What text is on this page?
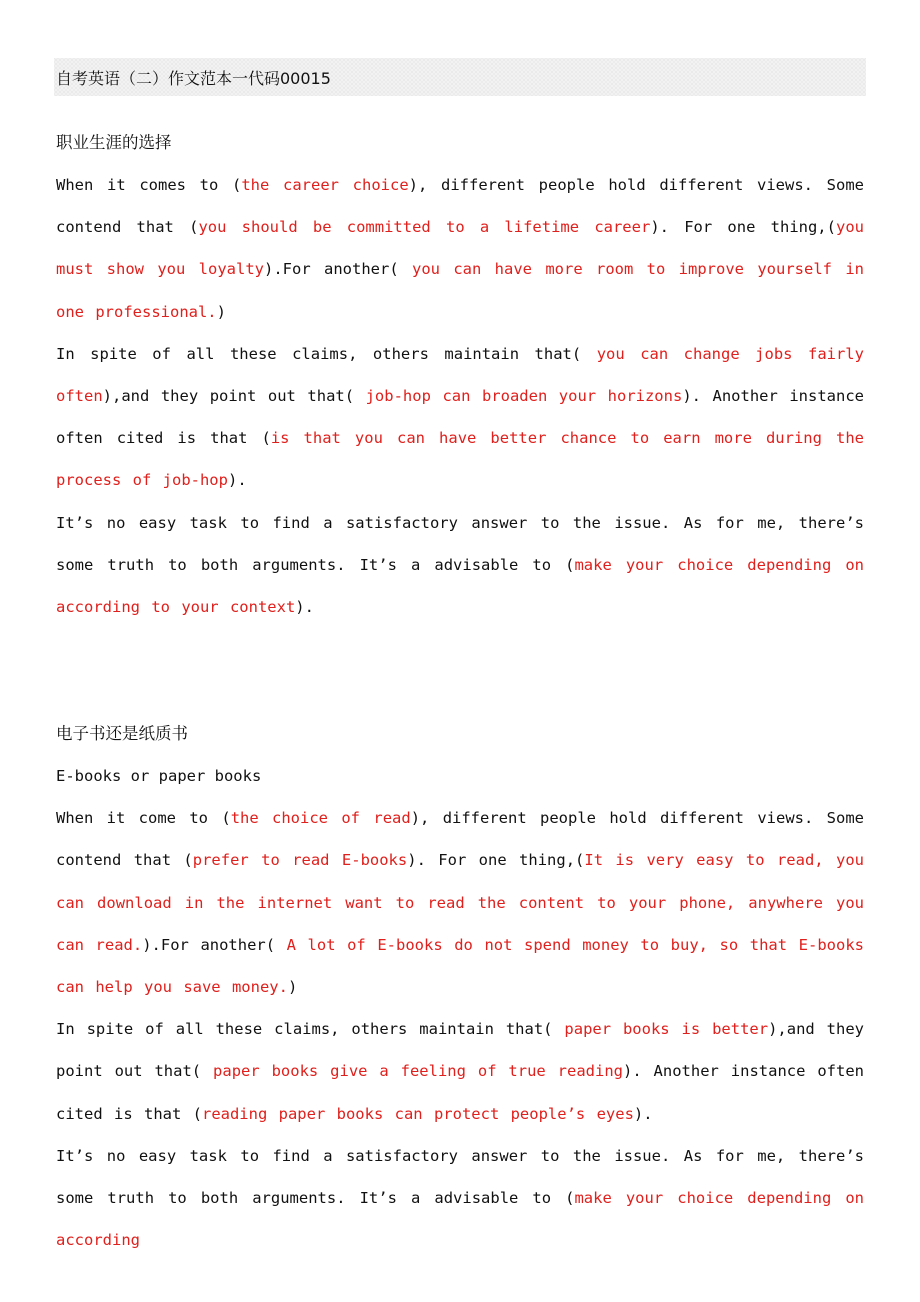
自考英语（二）作文范本一代码00015
职业生涯的选择
When it comes to (the career choice), different people hold different views. Some contend that (you should be committed to a lifetime career). For one thing,(you must show you loyalty).For another( you can have more room to improve yourself in one professional.)
In spite of all these claims, others maintain that( you can change jobs fairly often),and they point out that( job-hop can broaden your horizons). Another instance often cited is that (is that you can have better chance to earn more during the process of job-hop).
It’s no easy task to find a satisfactory answer to the issue. As for me, there’s some truth to both arguments. It’s a advisable to (make your choice depending on according to your context).
电子书还是纸质书
E-books or paper books
When it come to (the choice of read), different people hold different views. Some contend that (prefer to read E-books). For one thing,(It is very easy to read, you can download in the internet want to read the content to your phone, anywhere you can read.).For another( A lot of E-books do not spend money to buy, so that E-books can help you save money.)
In spite of all these claims, others maintain that( paper books is better),and they point out that( paper books give a feeling of true reading). Another instance often cited is that (reading paper books can protect people’s eyes).
It’s no easy task to find a satisfactory answer to the issue. As for me, there’s some truth to both arguments. It’s a advisable to (make your choice depending on according
